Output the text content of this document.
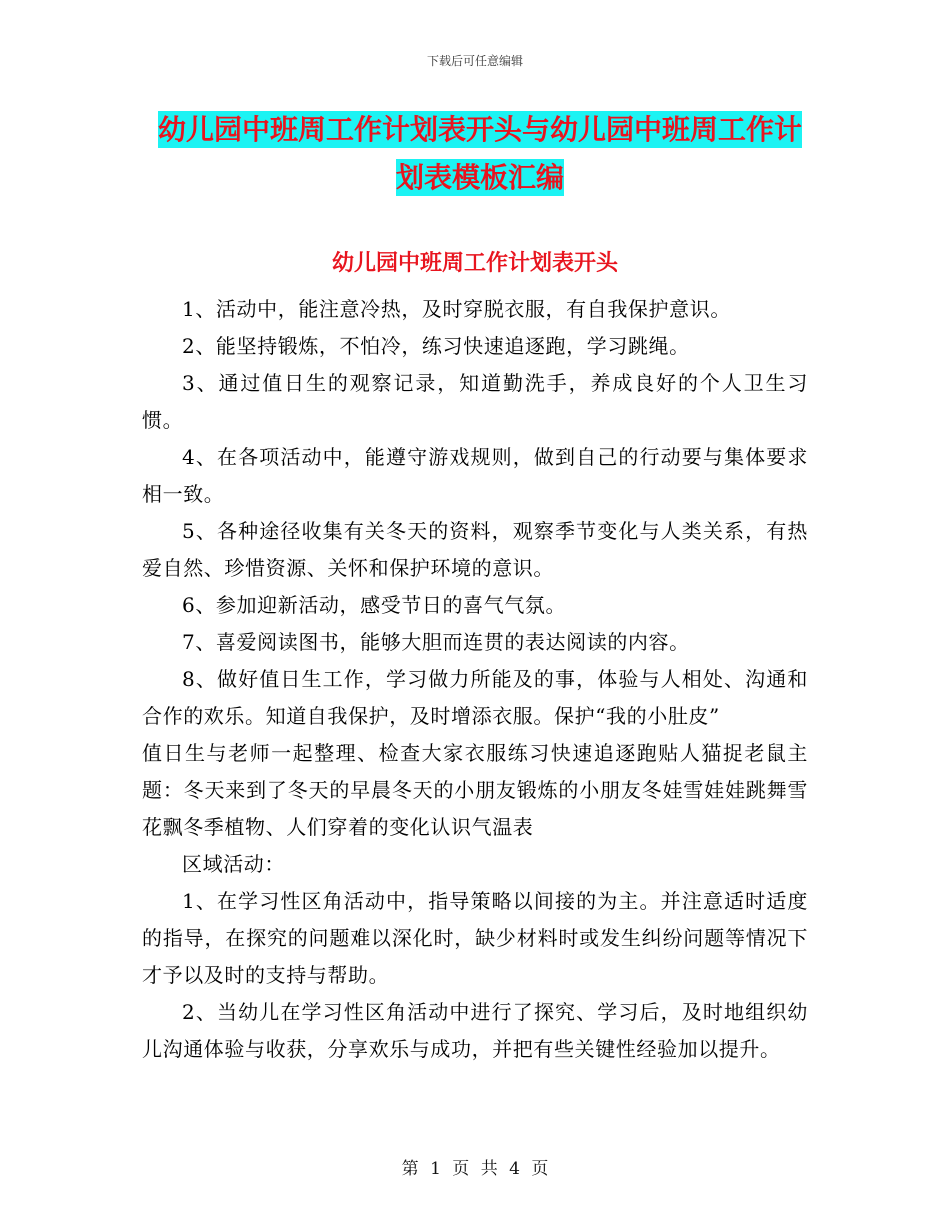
下载后可任意编辑
幼儿园中班周工作计划表开头与幼儿园中班周工作计划表模板汇编
幼儿园中班周工作计划表开头

1、活动中，能注意冷热，及时穿脱衣服，有自我保护意识。

2、能坚持锻炼，不怕冷，练习快速追逐跑，学习跳绳。

3、通过值日生的观察记录，知道勤洗手，养成良好的个人卫生习惯。

4、在各项活动中，能遵守游戏规则，做到自己的行动要与集体要求相一致。

5、各种途径收集有关冬天的资料，观察季节变化与人类关系，有热爱自然、珍惜资源、关怀和保护环境的意识。

6、参加迎新活动，感受节日的喜气气氛。

7、喜爱阅读图书，能够大胆而连贯的表达阅读的内容。

8、做好值日生工作，学习做力所能及的事，体验与人相处、沟通和合作的欢乐。知道自我保护，及时增添衣服。保护“我的小肚皮”

值日生与老师一起整理、检查大家衣服练习快速追逐跑贴人猫捉老鼠主题：冬天来到了冬天的早晨冬天的小朋友锻炼的小朋友冬娃雪娃娃跳舞雪花飘冬季植物、人们穿着的变化认识气温表

区域活动：

1、在学习性区角活动中，指导策略以间接的为主。并注意适时适度的指导，在探究的问题难以深化时，缺少材料时或发生纠纷问题等情况下才予以及时的支持与帮助。

2、当幼儿在学习性区角活动中进行了探究、学习后，及时地组织幼儿沟通体验与收获，分享欢乐与成功，并把有些关键性经验加以提升。

第 1 页 共 4 页
